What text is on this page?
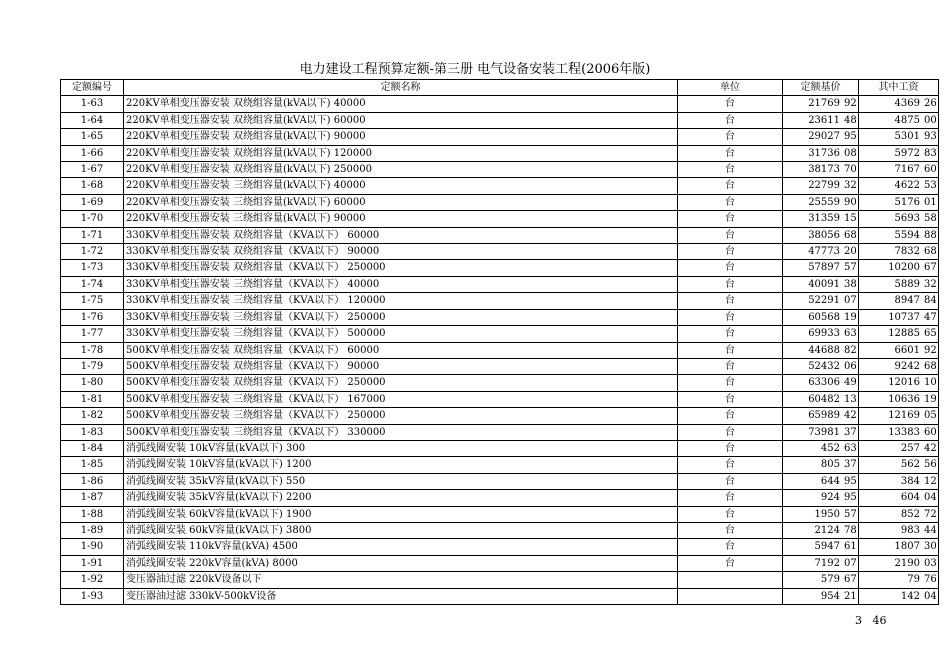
电力建设工程预算定额-第三册 电气设备安装工程(2006年版)
定额编号	定额名称	单位	定额基价	其中工资
1-63	220KV单相变压器安装 双绕组容量(kVA以下) 40000	台	21769 92	4369 26

1-64	220KV单相变压器安装 双绕组容量(kVA以下) 60000	台	23611 48	4875 00

1-65	220KV单相变压器安装 双绕组容量(kVA以下) 90000	台	29027 95	5301 93

1-66	220KV单相变压器安装 双绕组容量(kVA以下) 120000	台	31736 08	5972 83

1-67	220KV单相变压器安装 双绕组容量(kVA以下) 250000	台	38173 70	7167 60

1-68	220KV单相变压器安装 三绕组容量(kVA以下) 40000	台	22799 32	4622 53

1-69	220KV单相变压器安装 三绕组容量(kVA以下) 60000	台	25559 90	5176 01

1-70	220KV单相变压器安装 三绕组容量(kVA以下) 90000	台	31359 15	5693 58

1-71	330KV单相变压器安装 双绕组容量（KVA以下） 60000	台	38056 68	5594 88

1-72	330KV单相变压器安装 双绕组容量（KVA以下） 90000	台	47773 20	7832 68

1-73	330KV单相变压器安装 双绕组容量（KVA以下） 250000	台	57897 57	10200 67

1-74	330KV单相变压器安装 三绕组容量（KVA以下） 40000	台	40091 38	5889 32

1-75	330KV单相变压器安装 三绕组容量（KVA以下） 120000	台	52291 07	8947 84

1-76	330KV单相变压器安装 三绕组容量（KVA以下） 250000	台	60568 19	10737 47

1-77	330KV单相变压器安装 三绕组容量（KVA以下） 500000	台	69933 63	12885 65

1-78	500KV单相变压器安装 双绕组容量（KVA以下） 60000	台	44688 82	6601 92

1-79	500KV单相变压器安装 双绕组容量（KVA以下） 90000	台	52432 06	9242 68

1-80	500KV单相变压器安装 双绕组容量（KVA以下） 250000	台	63306 49	12016 10

1-81	500KV单相变压器安装 三绕组容量（KVA以下） 167000	台	60482 13	10636 19

1-82	500KV单相变压器安装 三绕组容量（KVA以下） 250000	台	65989 42	12169 05

1-83	500KV单相变压器安装 三绕组容量（KVA以下） 330000	台	73981 37	13383 60

1-84	消弧线圈安装 10kV容量(kVA以下) 300	台	452 63	257 42

1-85	消弧线圈安装 10kV容量(kVA以下) 1200	台	805 37	562 56

1-86	消弧线圈安装 35kV容量(kVA以下) 550	台	644 95	384 12

1-87	消弧线圈安装 35kV容量(kVA以下) 2200	台	924 95	604 04

1-88	消弧线圈安装 60kV容量(kVA以下) 1900	台	1950 57	852 72

1-89	消弧线圈安装 60kV容量(kVA以下) 3800	台	2124 78	983 44

1-90	消弧线圈安装 110kV容量(kVA) 4500	台	5947 61	1807 30

1-91	消弧线圈安装 220kV容量(kVA) 8000	台	7192 07	2190 03

1-92	变压器油过滤 220kV设备以下		579 67	79 76

1-93	变压器油过滤 330kV-500kV设备		954 21	142 04
3 46
